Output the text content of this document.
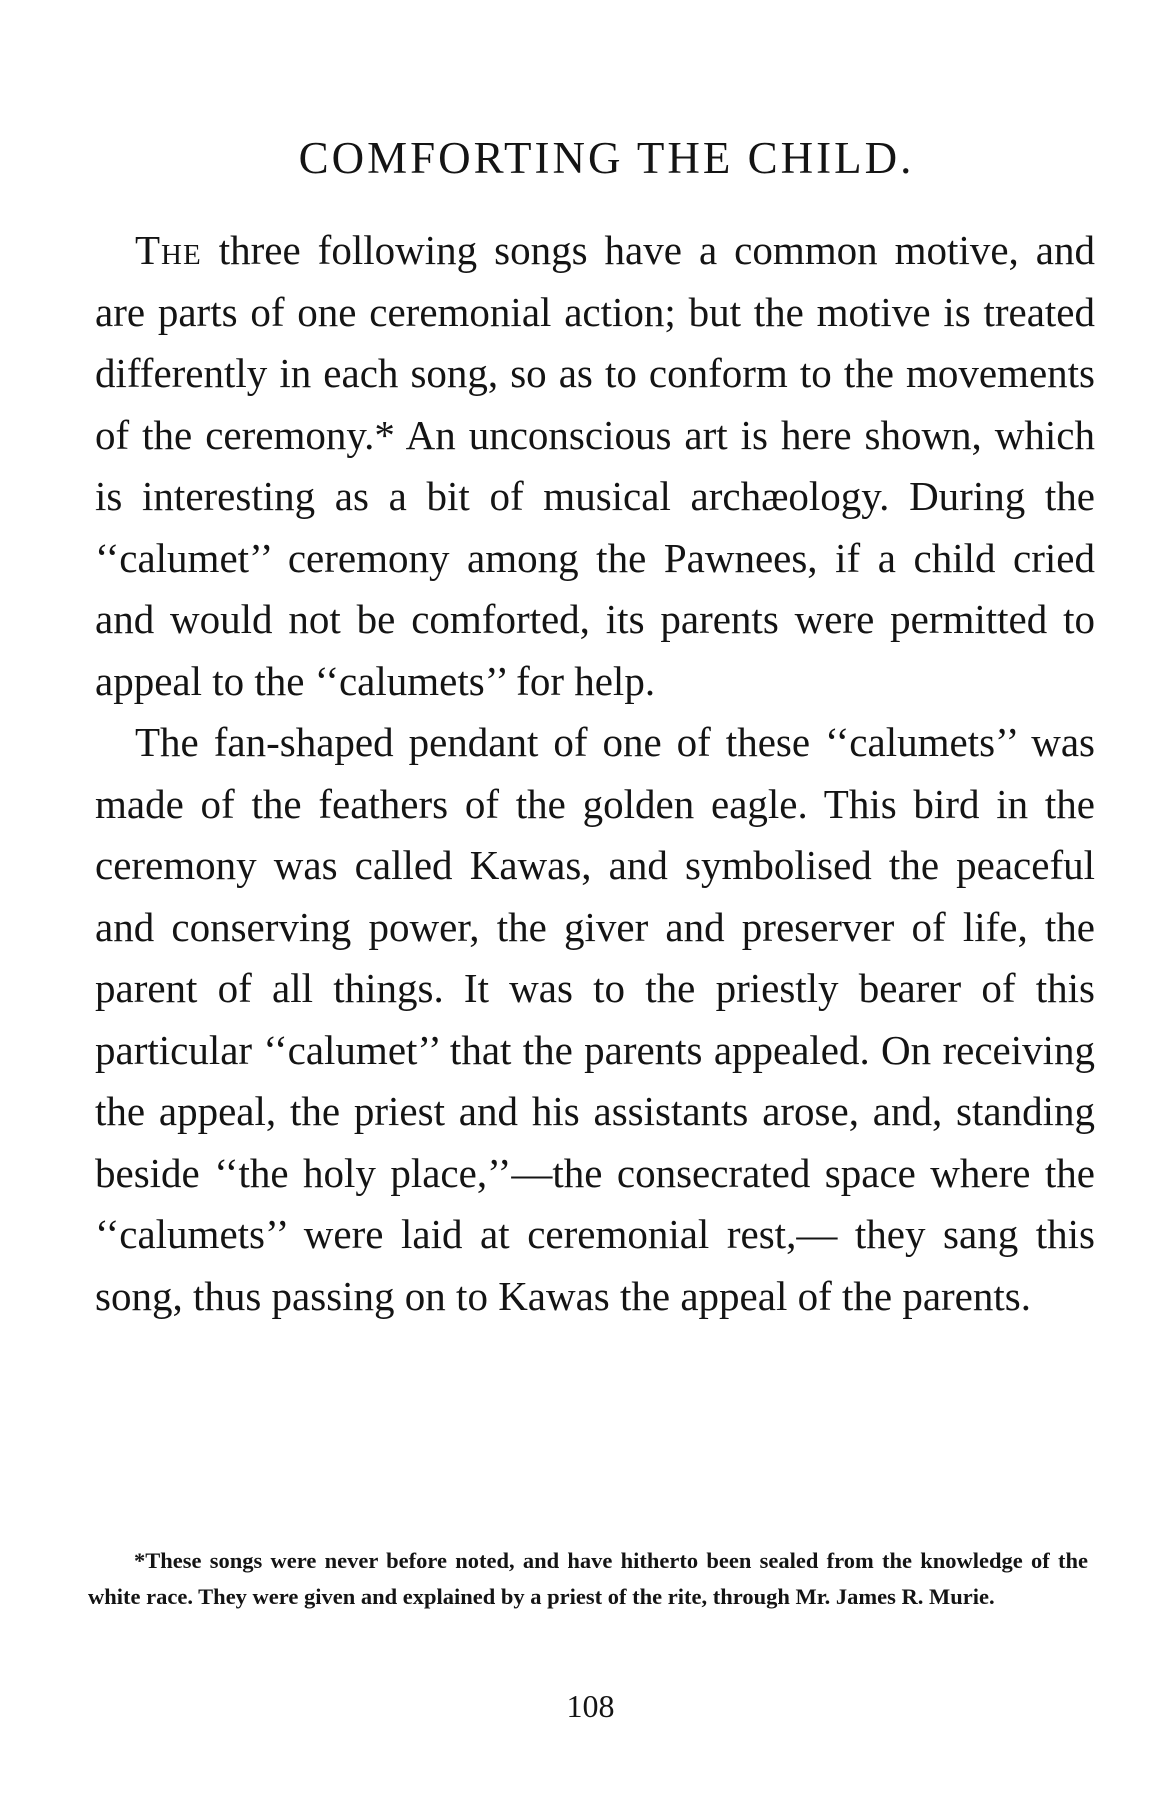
COMFORTING THE CHILD.

The three following songs have a common motive, and are parts of one ceremonial action; but the motive is treated differently in each song, so as to conform to the movements of the ceremony.* An unconscious art is here shown, which is interesting as a bit of musical archæology. During the ‘‘calumet’’ ceremony among the Pawnees, if a child cried and would not be comforted, its parents were permitted to appeal to the ‘‘calumets’’ for help.

The fan-shaped pendant of one of these ‘‘calumets’’ was made of the feathers of the golden eagle. This bird in the ceremony was called Kawas, and symbolised the peaceful and conserving power, the giver and preserver of life, the parent of all things. It was to the priestly bearer of this particular ‘‘calumet’’ that the parents appealed. On receiving the appeal, the priest and his assistants arose, and, standing beside ‘‘the holy place,’’—the consecrated space where the ‘‘calumets’’ were laid at ceremonial rest,— they sang this song, thus passing on to Kawas the appeal of the parents.

*These songs were never before noted, and have hitherto been sealed from the knowledge of the white race. They were given and explained by a priest of the rite, through Mr. James R. Murie.

108
